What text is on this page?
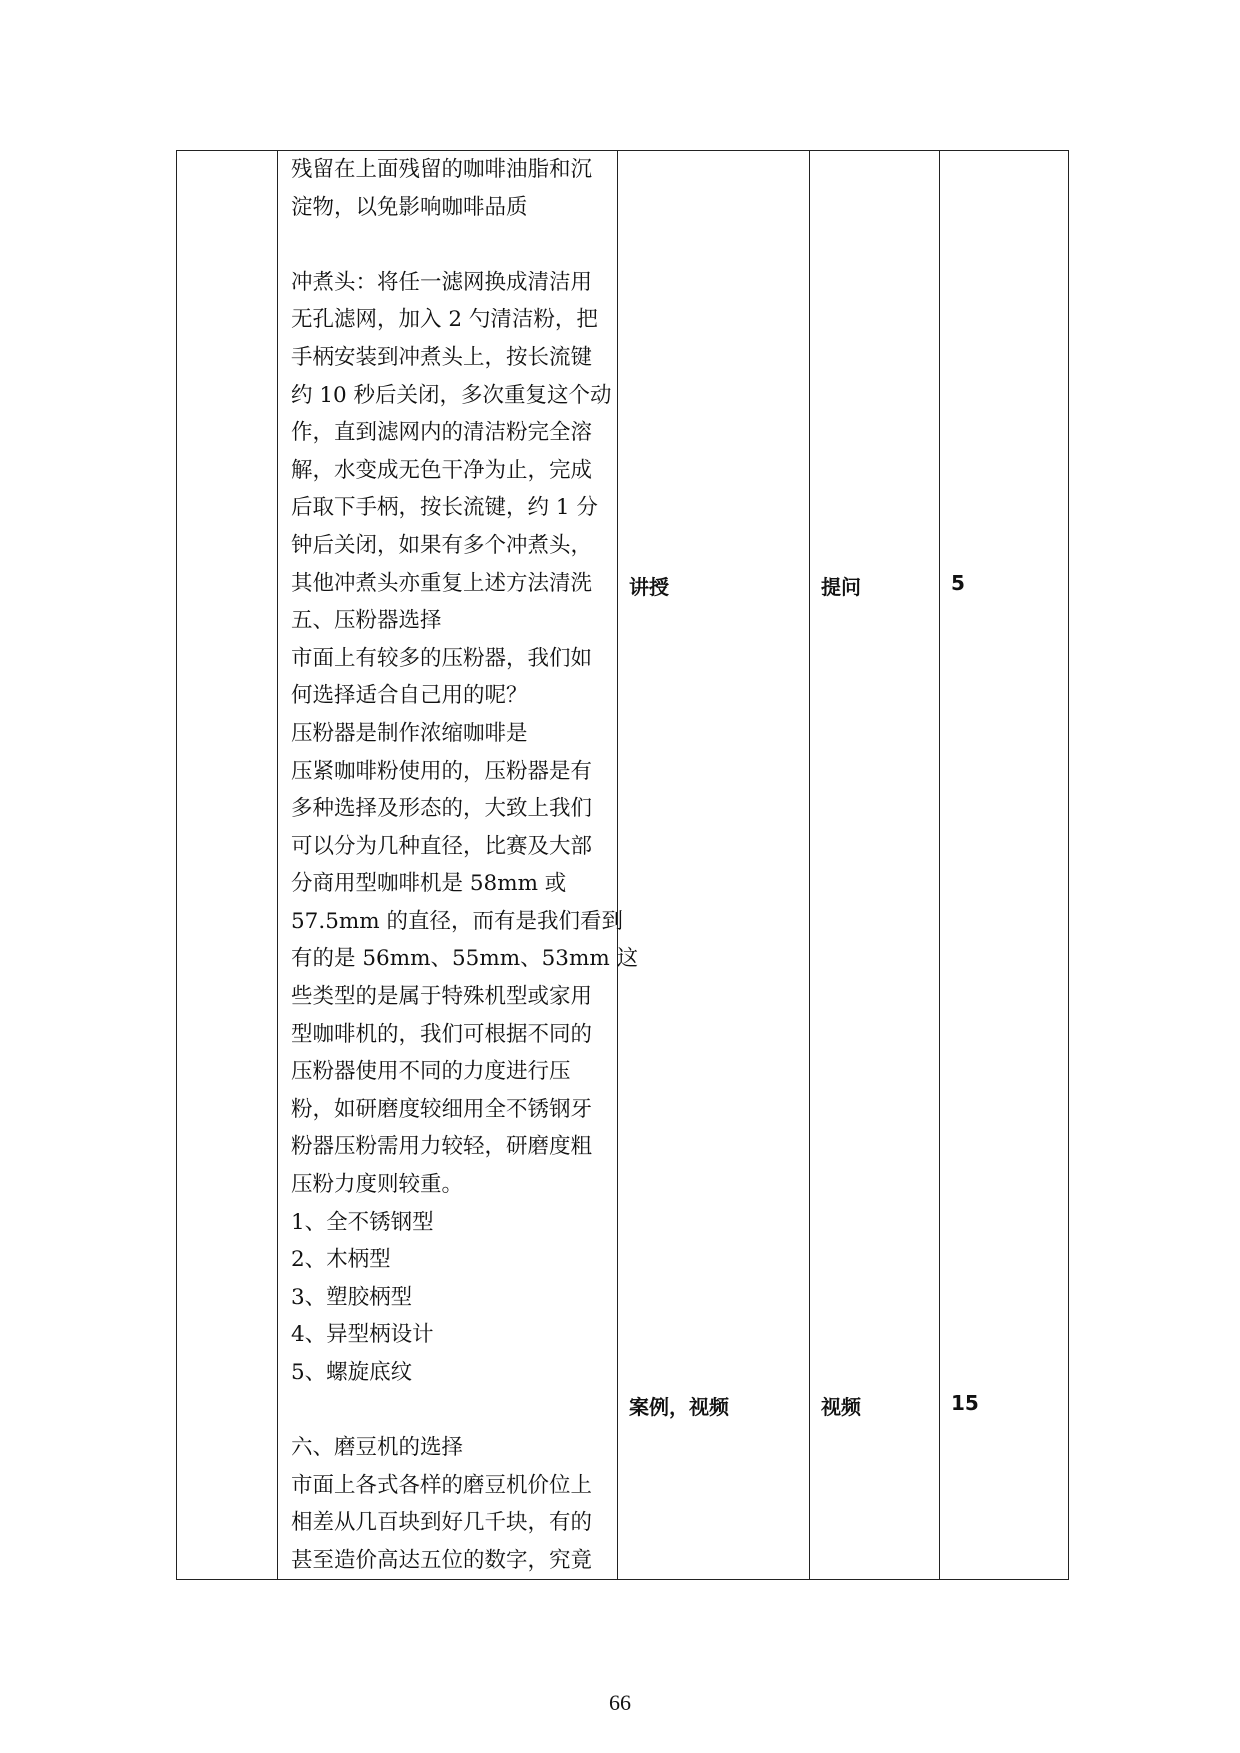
残留在上面残留的咖啡油脂和沉

淀物，以免影响咖啡品质

冲煮头：将任一滤网换成清洁用

无孔滤网，加入 2 勺清洁粉，把

手柄安装到冲煮头上，按长流键

约 10 秒后关闭，多次重复这个动

作，直到滤网内的清洁粉完全溶

解，水变成无色干净为止，完成

后取下手柄，按长流键，约 1 分

钟后关闭，如果有多个冲煮头，

其他冲煮头亦重复上述方法清洗

五、压粉器选择

市面上有较多的压粉器，我们如

何选择适合自己用的呢？

压粉器是制作浓缩咖啡是

压紧咖啡粉使用的，压粉器是有

多种选择及形态的，大致上我们

可以分为几种直径，比赛及大部

分商用型咖啡机是 58mm 或

57.5mm 的直径，而有是我们看到

有的是 56mm、55mm、53mm 这

些类型的是属于特殊机型或家用

型咖啡机的，我们可根据不同的

压粉器使用不同的力度进行压

粉，如研磨度较细用全不锈钢牙

粉器压粉需用力较轻，研磨度粗

压粉力度则较重。

1、全不锈钢型

2、木柄型

3、塑胶柄型

4、异型柄设计

5、螺旋底纹

六、磨豆机的选择

市面上各式各样的磨豆机价位上

相差从几百块到好几千块，有的

甚至造价高达五位的数字，究竟

讲授	提问	5
案例，视频	视频	15
66
